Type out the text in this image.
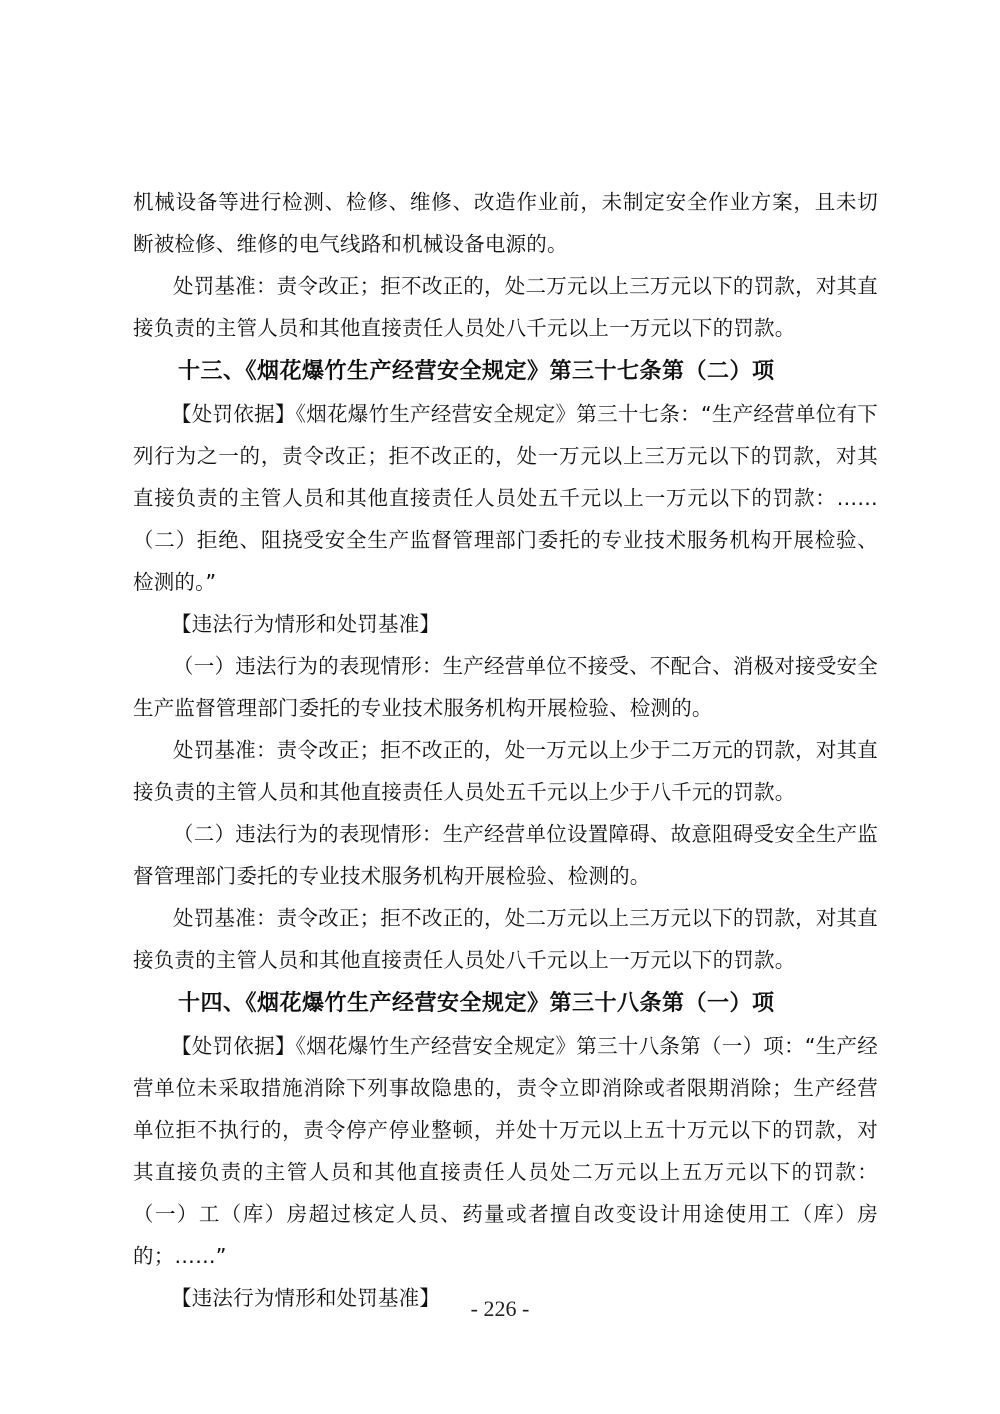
机械设备等进行检测、检修、维修、改造作业前，未制定安全作业方案，且未切断被检修、维修的电气线路和机械设备电源的。

处罚基准：责令改正；拒不改正的，处二万元以上三万元以下的罚款，对其直接负责的主管人员和其他直接责任人员处八千元以上一万元以下的罚款。

十三、《烟花爆竹生产经营安全规定》第三十七条第（二）项

【处罚依据】《烟花爆竹生产经营安全规定》第三十七条：“生产经营单位有下列行为之一的，责令改正；拒不改正的，处一万元以上三万元以下的罚款，对其直接负责的主管人员和其他直接责任人员处五千元以上一万元以下的罚款：……（二）拒绝、阻挠受安全生产监督管理部门委托的专业技术服务机构开展检验、检测的。”

【违法行为情形和处罚基准】

（一）违法行为的表现情形：生产经营单位不接受、不配合、消极对接受安全生产监督管理部门委托的专业技术服务机构开展检验、检测的。

处罚基准：责令改正；拒不改正的，处一万元以上少于二万元的罚款，对其直接负责的主管人员和其他直接责任人员处五千元以上少于八千元的罚款。

（二）违法行为的表现情形：生产经营单位设置障碍、故意阻碍受安全生产监督管理部门委托的专业技术服务机构开展检验、检测的。

处罚基准：责令改正；拒不改正的，处二万元以上三万元以下的罚款，对其直接负责的主管人员和其他直接责任人员处八千元以上一万元以下的罚款。

十四、《烟花爆竹生产经营安全规定》第三十八条第（一）项

【处罚依据】《烟花爆竹生产经营安全规定》第三十八条第（一）项：“生产经营单位未采取措施消除下列事故隐患的，责令立即消除或者限期消除；生产经营单位拒不执行的，责令停产停业整顿，并处十万元以上五十万元以下的罚款，对其直接负责的主管人员和其他直接责任人员处二万元以上五万元以下的罚款：（一）工（库）房超过核定人员、药量或者擅自改变设计用途使用工（库）房的；……”

【违法行为情形和处罚基准】	- 226 -
